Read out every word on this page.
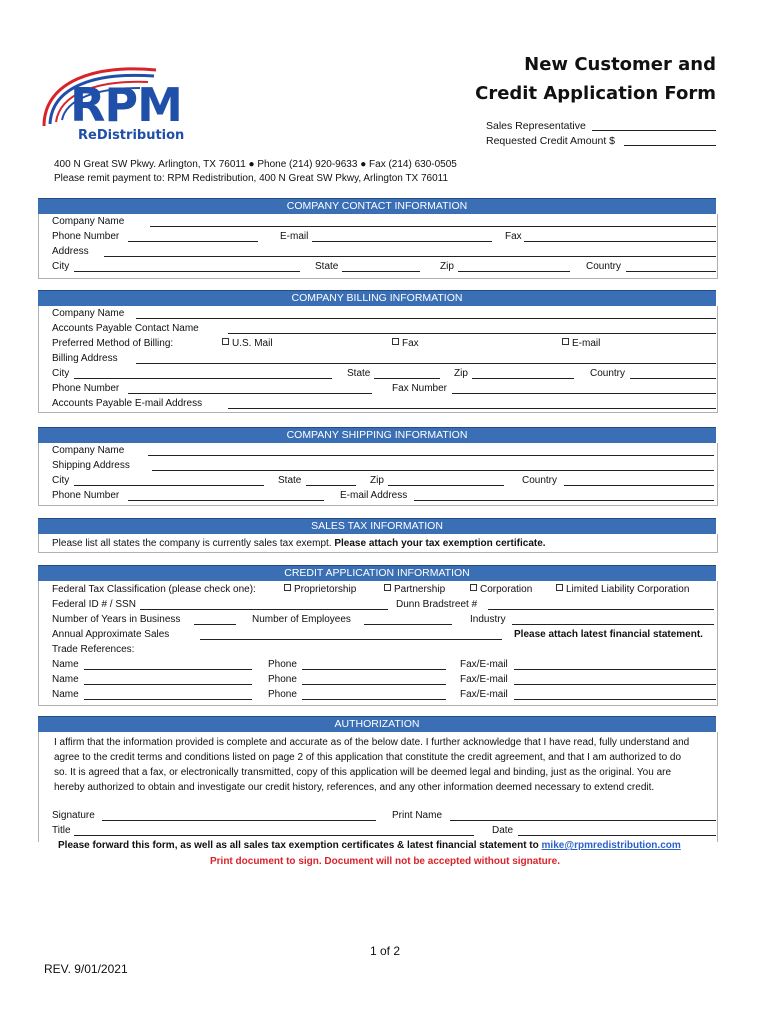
RPM
ReDistribution
New Customer and
Credit Application Form
Sales Representative
Requested Credit Amount $
400 N Great SW Pkwy. Arlington, TX 76011 ● Phone (214) 920-9633 ● Fax (214) 630-0505
Please remit payment to: RPM Redistribution, 400 N Great SW Pkwy, Arlington TX 76011
COMPANY CONTACT INFORMATION
Company Name
Phone Number	E-mail	Fax
Address
City	State	Zip	Country
COMPANY BILLING INFORMATION
Company Name
Accounts Payable Contact Name
Preferred Method of Billing:	U.S. Mail	Fax	E-mail
Billing Address
City	State	Zip	Country
Phone Number	Fax Number
Accounts Payable E-mail Address
COMPANY SHIPPING INFORMATION
Company Name
Shipping Address
City	State	Zip	Country
Phone Number	E-mail Address
SALES TAX INFORMATION
Please list all states the company is currently sales tax exempt. Please attach your tax exemption certificate.
CREDIT APPLICATION INFORMATION
Federal Tax Classification (please check one):	Proprietorship	Partnership	Corporation	Limited Liability Corporation
Federal ID # / SSN	Dunn Bradstreet #
Number of Years in Business	Number of Employees	Industry
Annual Approximate Sales	Please attach latest financial statement.
Trade References:
Name	Phone	Fax/E-mail
Name	Phone	Fax/E-mail
Name	Phone	Fax/E-mail
AUTHORIZATION
I affirm that the information provided is complete and accurate as of the below date. I further acknowledge that I have read, fully understand and agree to the credit terms and conditions listed on page 2 of this application that constitute the credit agreement, and that I am authorized to do so. It is agreed that a fax, or electronically transmitted, copy of this application will be deemed legal and binding, just as the original. You are hereby authorized to obtain and investigate our credit history, references, and any other information deemed necessary to extend credit.
Signature	Print Name
Title	Date
Please forward this form, as well as all sales tax exemption certificates & latest financial statement to mike@rpmredistribution.com
Print document to sign. Document will not be accepted without signature.
1 of 2
REV. 9/01/2021
